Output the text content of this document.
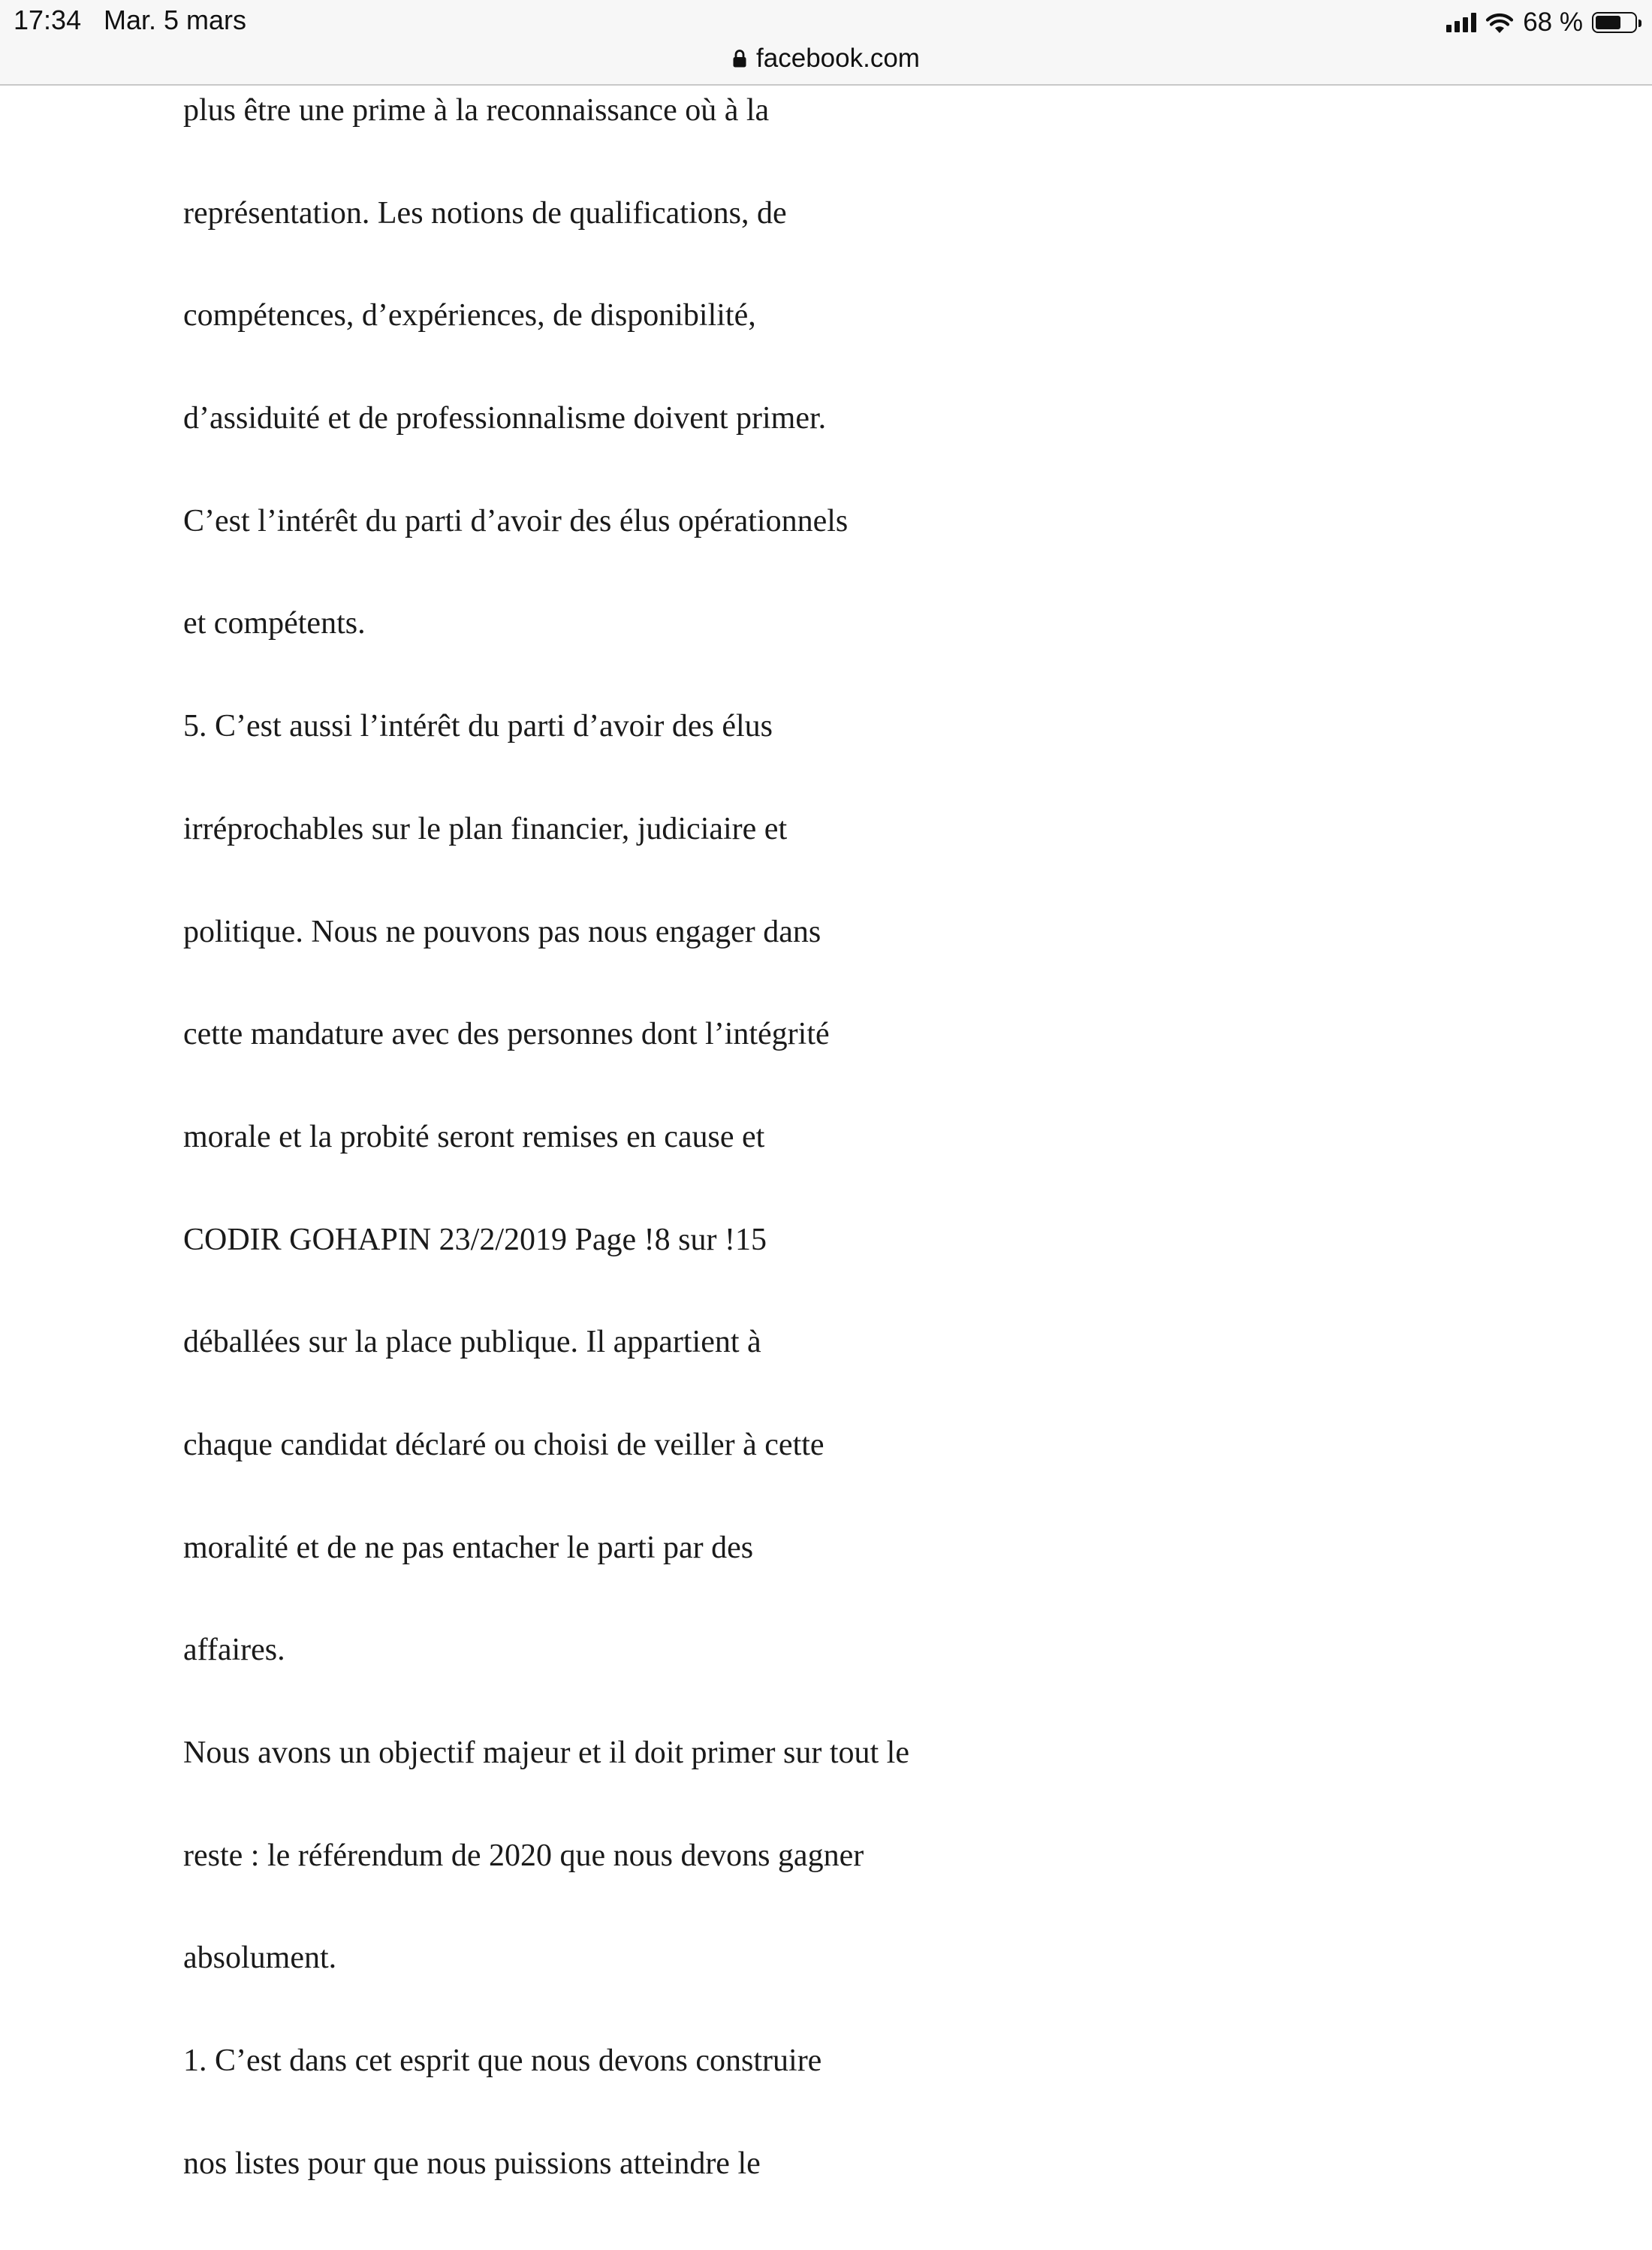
17:34 Mar. 5 mars	68 %
facebook.com
plus être une prime à la reconnaissance où à la
représentation. Les notions de qualifications, de
compétences, d’expériences, de disponibilité,
d’assiduité et de professionnalisme doivent primer.
C’est l’intérêt du parti d’avoir des élus opérationnels
et compétents.
5. C’est aussi l’intérêt du parti d’avoir des élus
irréprochables sur le plan financier, judiciaire et
politique. Nous ne pouvons pas nous engager dans
cette mandature avec des personnes dont l’intégrité
morale et la probité seront remises en cause et
CODIR GOHAPIN 23/2/2019 Page !8 sur !15
déballées sur la place publique. Il appartient à
chaque candidat déclaré ou choisi de veiller à cette
moralité et de ne pas entacher le parti par des
affaires.
Nous avons un objectif majeur et il doit primer sur tout le
reste : le référendum de 2020 que nous devons gagner
absolument.
1. C’est dans cet esprit que nous devons construire
nos listes pour que nous puissions atteindre le
